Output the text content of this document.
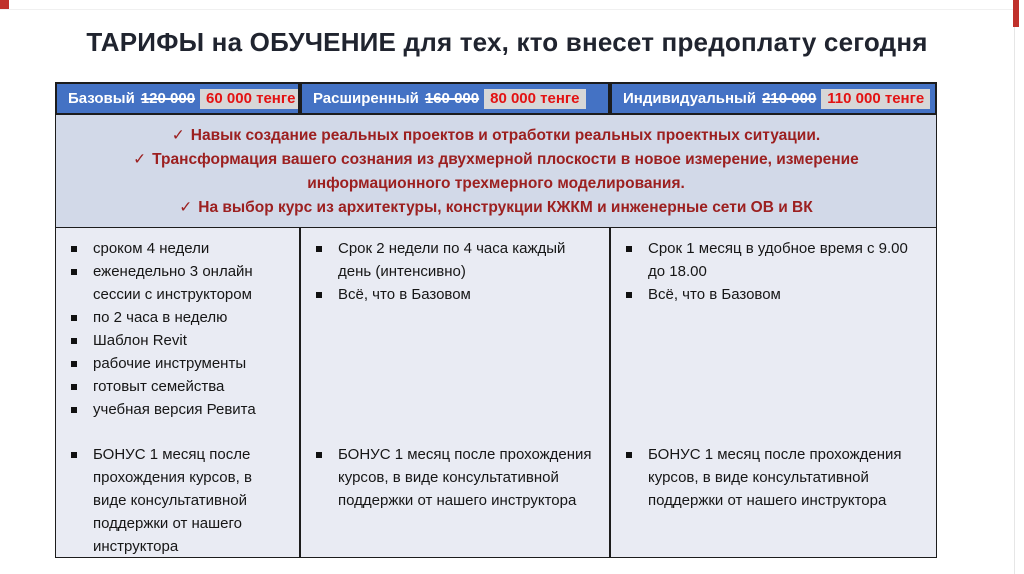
ТАРИФЫ на ОБУЧЕНИЕ для тех, кто внесет предоплату сегодня
Базовый 120 000 60 000 тенге	Расширенный 160 000 80 000 тенге	Индивидуальный 210 000 110 000 тенге
✓ Навык создание реальных проектов и отработки реальных проектных ситуации.
✓ Трансформация вашего сознания из двухмерной плоскости в новое измерение, измерение информационного трехмерного моделирования.
✓ На выбор курс из архитектуры, конструкции КЖКМ и инженерные сети ОВ и ВК
сроком 4 недели
еженедельно 3 онлайн сессии с инструктором
по 2 часа в неделю
Шаблон Revit
рабочие инструменты
готовыт семейства
учебная версия Ревита
БОНУС 1 месяц после прохождения курсов, в виде консультативной поддержки от нашего инструктора
Срок 2 недели по 4 часа каждый день (интенсивно)
Всё, что в Базовом
БОНУС 1 месяц после прохождения курсов, в виде консультативной поддержки от нашего инструктора
Срок 1 месяц в удобное время с 9.00 до 18.00
Всё, что в Базовом
БОНУС 1 месяц после прохождения курсов, в виде консультативной поддержки от нашего инструктора
